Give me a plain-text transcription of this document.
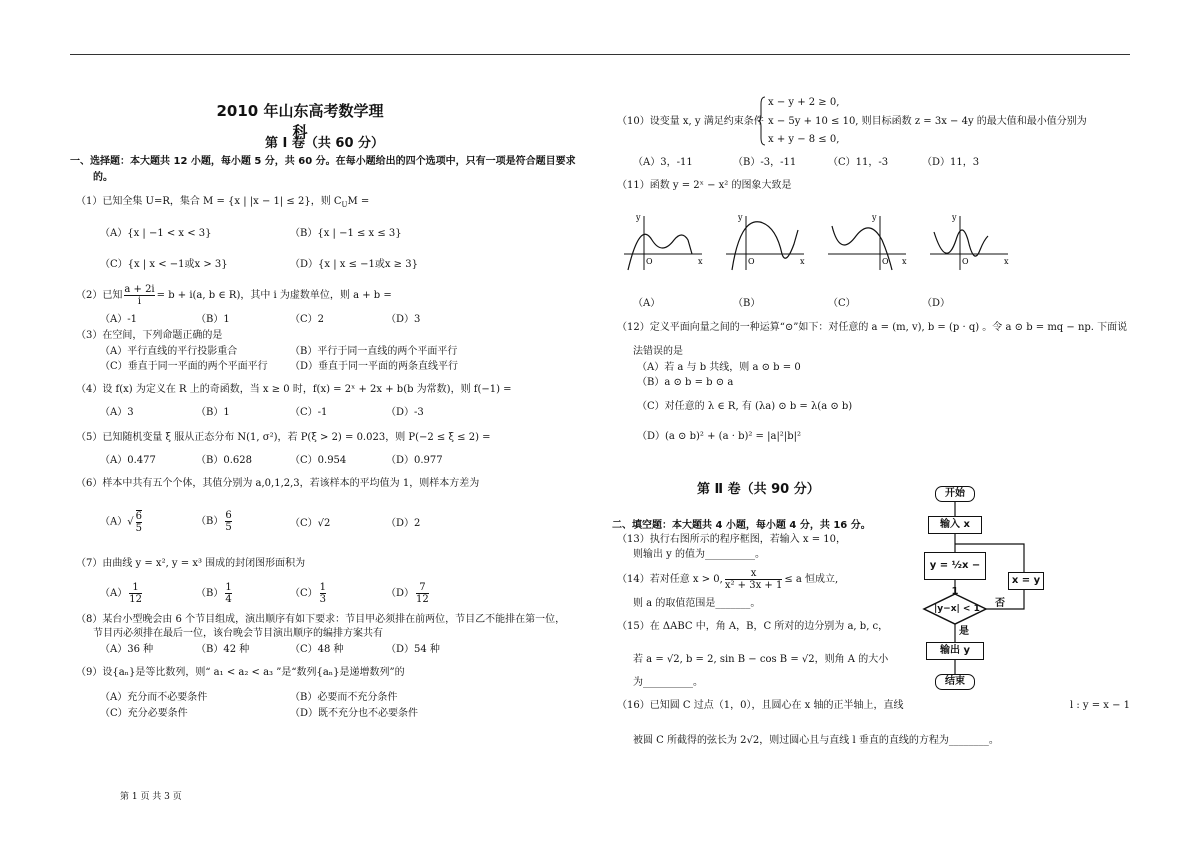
2010 年山东高考数学理科
第 Ⅰ 卷（共 60 分）
一、选择题：本大题共 12 小题，每小题 5 分，共 60 分。在每小题给出的四个选项中，只有一项是符合题目要求
的。
（1）已知全集 U=R，集合 M = {x | |x − 1| ≤ 2}，则 $C_UM$ =
（A）{x | −1 < x < 3}	（B）{x | −1 ≤ x ≤ 3}
（C）{x | x < −1或x > 3}	（D）{x | x ≤ −1或x ≥ 3}
（2）已知 $\frac{a + 2i}{i} = b + i(a$, b ∈ R)，其中 i 为虚数单位，则 a + b =
（A）-1	（B）1	（C）2	（D）3
（3）在空间，下列命题正确的是
（A）平行直线的平行投影重合	（B）平行于同一直线的两个平面平行
（C）垂直于同一平面的两个平面平行 （D）垂直于同一平面的两条直线平行
（4）设 f(x) 为定义在 R 上的奇函数，当 x ≥ 0 时，f(x) = 2ˣ + 2x + b(b 为常数)，则 f(−1) =
（A）3	（B）1	（C）-1	（D）-3
（5）已知随机变量 ξ 服从正态分布 N(1, σ²)，若 P(ξ > 2) = 0.023，则 P(−2 ≤ ξ ≤ 2) =
（A）0.477	（B）0.628	（C）0.954	（D）0.977
（6）样本中共有五个个体，其值分别为 a,0,1,2,3，若该样本的平均值为 1，则样本方差为
$(A)√ \frac{6}{5}$	$(B) \frac{6}{5}$	（C）√2	（D）2
（7）由曲线 y = x², y = x³ 围成的封闭图形面积为
$(A) \frac{1}{12}$	$(B) \frac{1}{4}$	$(C) \frac{1}{3}$	$(D) \frac{7}{12}$
（8）某台小型晚会由 6 个节目组成，演出顺序有如下要求：节目甲必须排在前两位，节目乙不能排在第一位，
节目丙必须排在最后一位，该台晚会节目演出顺序的编排方案共有
（A）36 种	（B）42 种	（C）48 种	（D）54 种
（9）设{aₙ}是等比数列，则“ a₁ < a₂ < a₃ ”是“数列{aₙ}是递增数列”的
（A）充分而不必要条件	（B）必要而不充分条件
（C）充分必要条件	（D）既不充分也不必要条件
（10）设变量 x, y 满足约束条件
x − y + 2 ≥ 0,
x − 5y + 10 ≤ 10, 则目标函数 z = 3x − 4y 的最大值和最小值分别为
x + y − 8 ≤ 0,
（A）3，-11	（B）-3，-11	（C）11，-3	（D）11，3
（11）函数 y = 2ˣ − x² 的图象大致是
y
x
O
y
x
O
y
x
O
y
x
O
（A）	（B）	（C）	（D）
（12）定义平面向量之间的一种运算“⊙”如下：对任意的 a = (m, v), b = (p · q) 。令 a ⊙ b = mq − np. 下面说
法错误的是
（A）若 a 与 b 共线，则 a ⊙ b = 0
（B）a ⊙ b = b ⊙ a
（C）对任意的 λ ∈ R, 有 (λa) ⊙ b = λ(a ⊙ b)
（D）(a ⊙ b)² + (a · b)² = |a|²|b|²
第 Ⅱ 卷（共 90 分）
二、填空题：本大题共 4 小题，每小题 4 分，共 16 分。
（13）执行右图所示的程序框图，若输入 x = 10，
则输出 y 的值为__________。
（14）若对任意 x > 0, $\frac{x}{\text{x² + 3x + 1}} \le a$ 恒成立,
则 a 的取值范围是_______。
（15）在 ΔABC 中，角 A，B，C 所对的边分别为 a, b, c，
若 a = √2, b = 2, sin B − cos B = √2，则角 A 的大小
为__________。
（16）已知圆 C 过点（1，0），且圆心在 x 轴的正半轴上，直线	l : y = x − 1
被圆 C 所截得的弦长为 2√2，则过圆心且与直线 l 垂直的直线的方程为________。
开始
输入 x
y = ½x − 1
|y−x| < 1 否
是
x = y
输出 y
结束
第 1 页 共 3 页
